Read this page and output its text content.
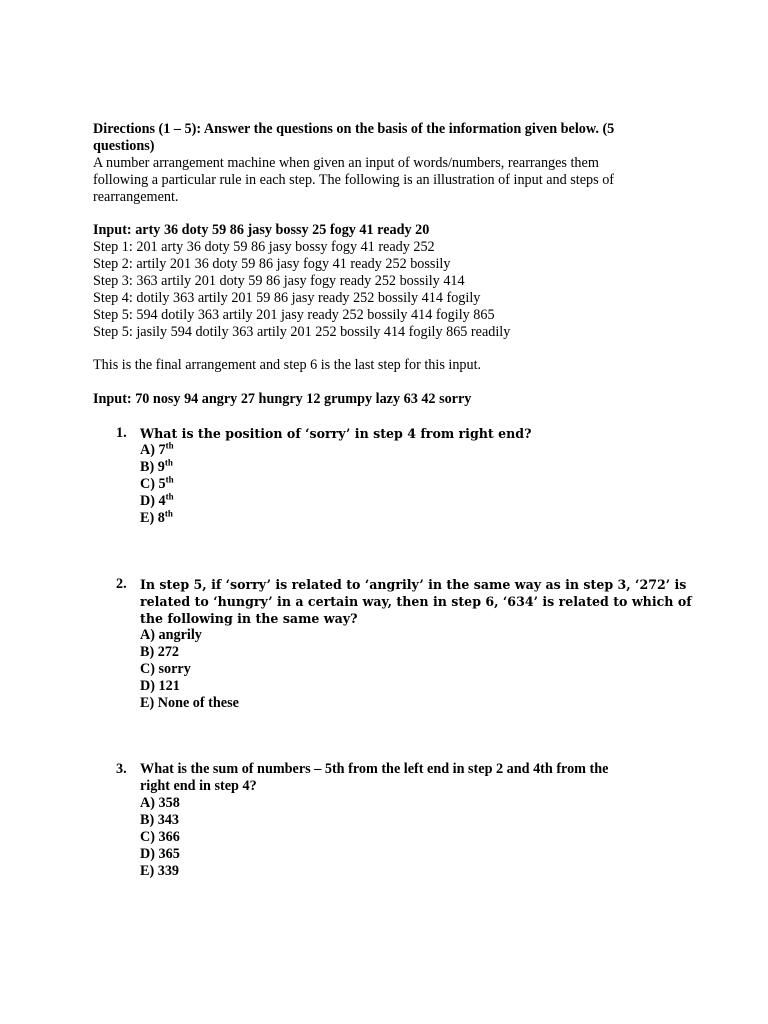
Directions (1 – 5): Answer the questions on the basis of the information given below. (5
questions)
A number arrangement machine when given an input of words/numbers, rearranges them
following a particular rule in each step. The following is an illustration of input and steps of
rearrangement.
Input: arty 36 doty 59 86 jasy bossy 25 fogy 41 ready 20
Step 1: 201 arty 36 doty 59 86 jasy bossy fogy 41 ready 252
Step 2: artily 201 36 doty 59 86 jasy fogy 41 ready 252 bossily
Step 3: 363 artily 201 doty 59 86 jasy fogy ready 252 bossily 414
Step 4: dotily 363 artily 201 59 86 jasy ready 252 bossily 414 fogily
Step 5: 594 dotily 363 artily 201 jasy ready 252 bossily 414 fogily 865
Step 5: jasily 594 dotily 363 artily 201 252 bossily 414 fogily 865 readily
This is the final arrangement and step 6 is the last step for this input.
Input: 70 nosy 94 angry 27 hungry 12 grumpy lazy 63 42 sorry
1. What is the position of ‘sorry’ in step 4 from right end?
A) 7th
B) 9th
C) 5th
D) 4th
E) 8th
2. In step 5, if ‘sorry’ is related to ‘angrily’ in the same way as in step 3, ‘272’ is
related to ‘hungry’ in a certain way, then in step 6, ‘634’ is related to which of
the following in the same way?
A) angrily
B) 272
C) sorry
D) 121
E) None of these
3. What is the sum of numbers – 5th from the left end in step 2 and 4th from the
right end in step 4?
A) 358
B) 343
C) 366
D) 365
E) 339
